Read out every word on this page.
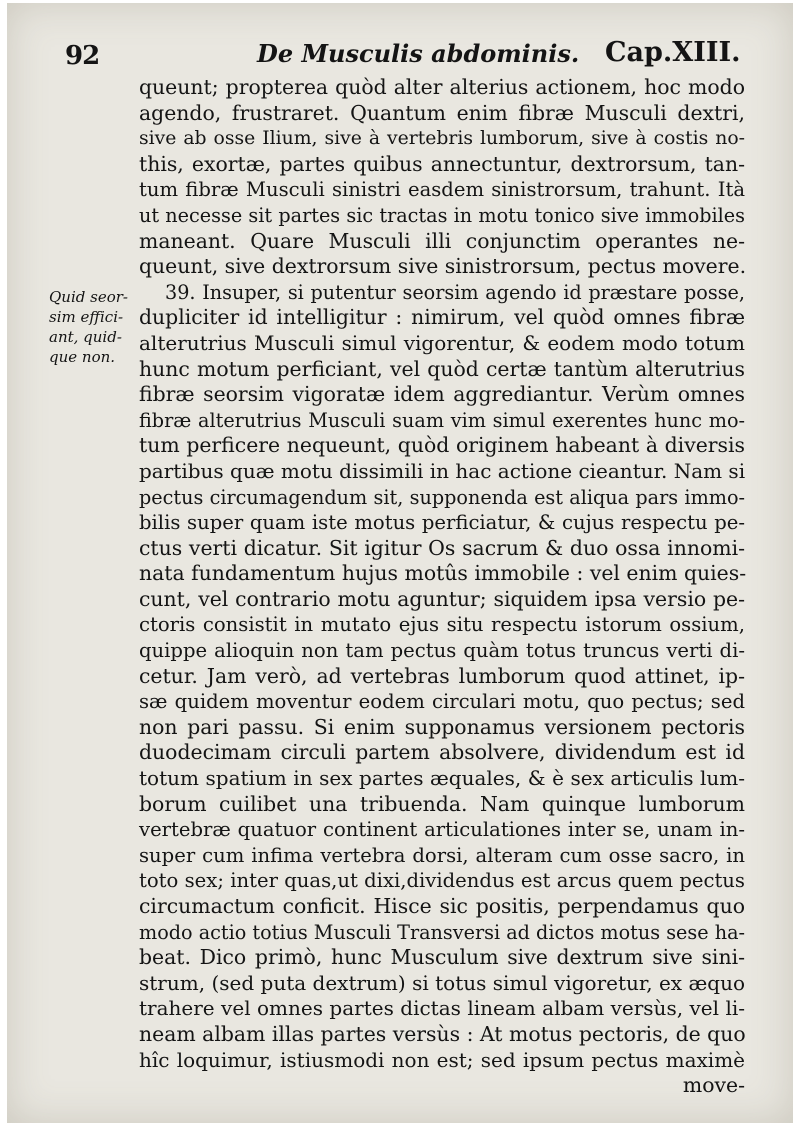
92	De Musculis abdominis. Cap.XIII.
Quid seor-
sim effici-
ant, quid-
que non.
queunt; propterea quòd alter alterius actionem, hoc modo
agendo, frustraret. Quantum enim fibræ Musculi dextri,
sive ab osse Ilium, sive à vertebris lumborum, sive à costis no-
this, exortæ, partes quibus annectuntur, dextrorsum, tan-
tum fibræ Musculi sinistri easdem sinistrorsum, trahunt. Ità
ut necesse sit partes sic tractas in motu tonico sive immobiles
maneant. Quare Musculi illi conjunctim operantes ne-
queunt, sive dextrorsum sive sinistrorsum, pectus movere.
39. Insuper, si putentur seorsim agendo id præstare posse,
dupliciter id intelligitur : nimirum, vel quòd omnes fibræ
alterutrius Musculi simul vigorentur, & eodem modo totum
hunc motum perficiant, vel quòd certæ tantùm alterutrius
fibræ seorsim vigoratæ idem aggrediantur. Verùm omnes
fibræ alterutrius Musculi suam vim simul exerentes hunc mo-
tum perficere nequeunt, quòd originem habeant à diversis
partibus quæ motu dissimili in hac actione cieantur. Nam si
pectus circumagendum sit, supponenda est aliqua pars immo-
bilis super quam iste motus perficiatur, & cujus respectu pe-
ctus verti dicatur. Sit igitur Os sacrum & duo ossa innomi-
nata fundamentum hujus motûs immobile : vel enim quies-
cunt, vel contrario motu aguntur; siquidem ipsa versio pe-
ctoris consistit in mutato ejus situ respectu istorum ossium,
quippe alioquin non tam pectus quàm totus truncus verti di-
cetur. Jam verò, ad vertebras lumborum quod attinet, ip-
sæ quidem moventur eodem circulari motu, quo pectus; sed
non pari passu. Si enim supponamus versionem pectoris
duodecimam circuli partem absolvere, dividendum est id
totum spatium in sex partes æquales, & è sex articulis lum-
borum cuilibet una tribuenda. Nam quinque lumborum
vertebræ quatuor continent articulationes inter se, unam in-
super cum infima vertebra dorsi, alteram cum osse sacro, in
toto sex; inter quas,ut dixi,dividendus est arcus quem pectus
circumactum conficit. Hisce sic positis, perpendamus quo
modo actio totius Musculi Transversi ad dictos motus sese ha-
beat. Dico primò, hunc Musculum sive dextrum sive sini-
strum, (sed puta dextrum) si totus simul vigoretur, ex æquo
trahere vel omnes partes dictas lineam albam versùs, vel li-
neam albam illas partes versùs : At motus pectoris, de quo
hîc loquimur, istiusmodi non est; sed ipsum pectus maximè
move-
